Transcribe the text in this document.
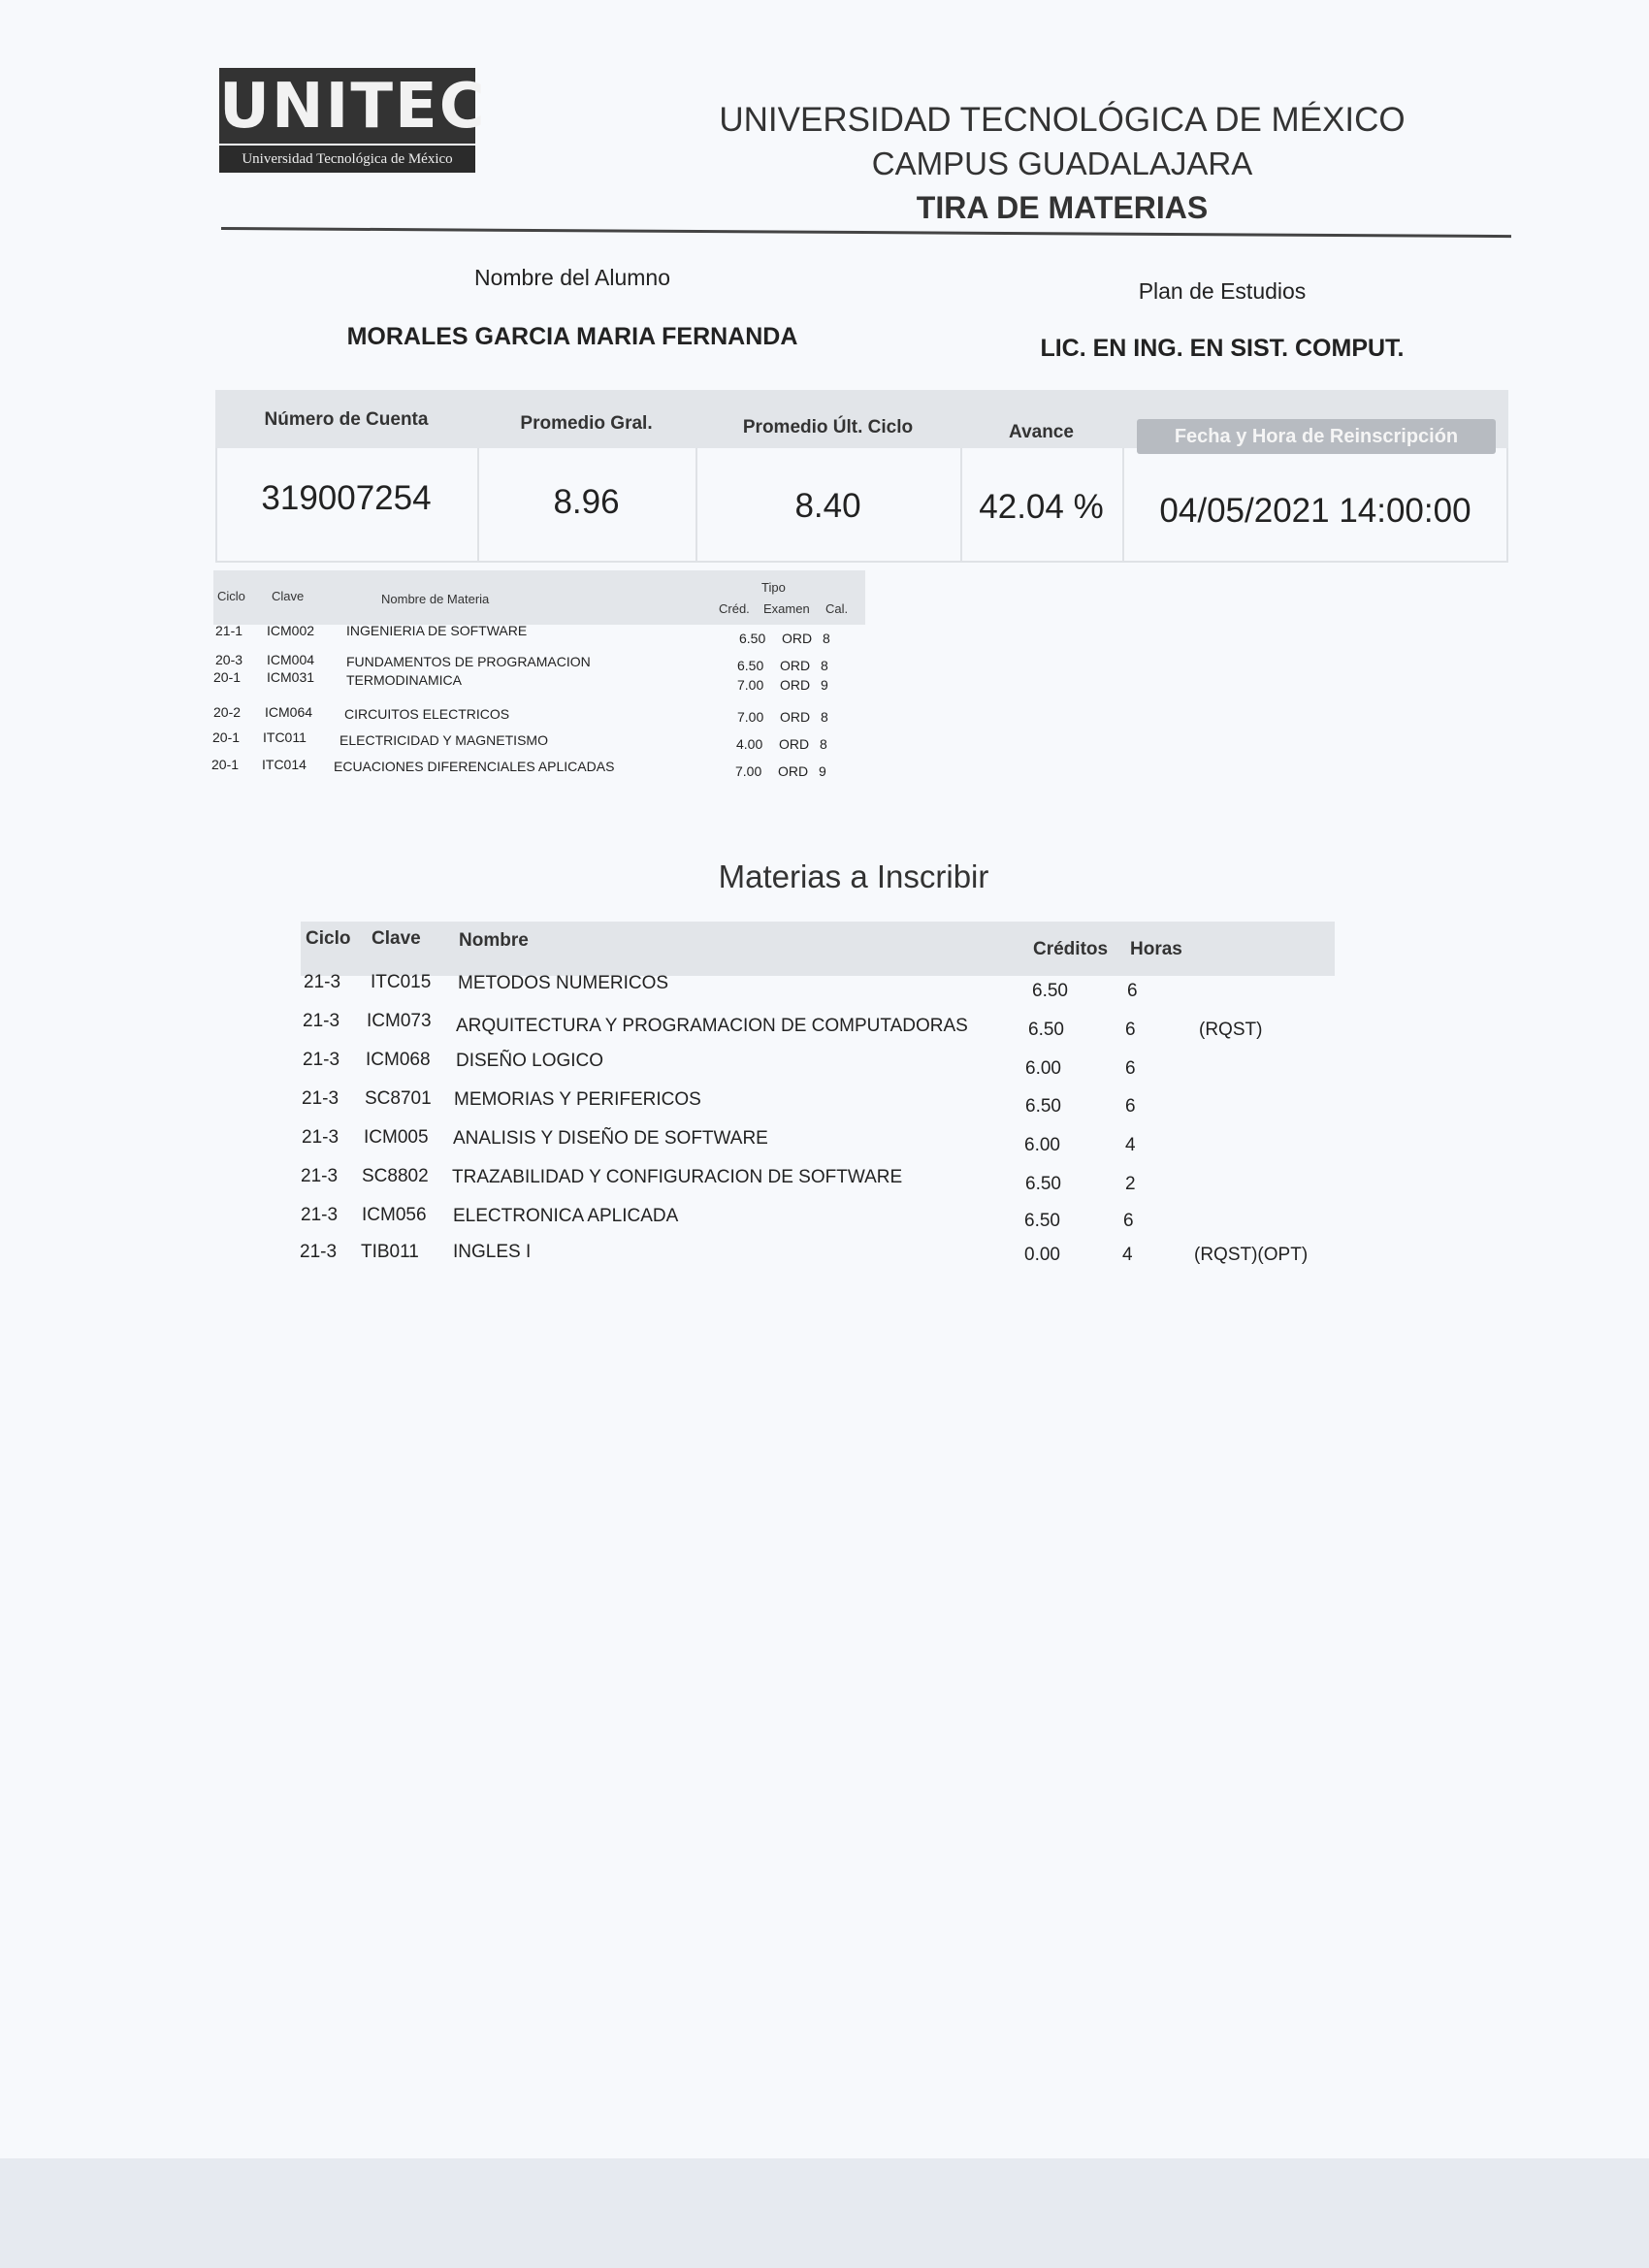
UNITEC
Universidad Tecnológica de México
UNIVERSIDAD TECNOLÓGICA DE MÉXICO
CAMPUS GUADALAJARA
TIRA DE MATERIAS
Nombre del Alumno
Plan de Estudios
MORALES GARCIA MARIA FERNANDA	LIC. EN ING. EN SIST. COMPUT.
Número de Cuenta	Promedio Gral.	Promedio Últ. Ciclo	Avance	Fecha y Hora de Reinscripción
319007254	8.96	8.40	42.04 %	04/05/2021 14:00:00
Ciclo Clave	Nombre de Materia
Tipo
Créd. Examen Cal.
21-1 ICM002 INGENIERIA DE SOFTWARE	6.50 ORD 8
20-3 ICM004 FUNDAMENTOS DE PROGRAMACION	6.50 ORD 8
20-1 ICM031 TERMODINAMICA	7.00 ORD 9
20-2 ICM064 CIRCUITOS ELECTRICOS	7.00 ORD 8
20-1 ITC011 ELECTRICIDAD Y MAGNETISMO	4.00 ORD 8
20-1 ITC014 ECUACIONES DIFERENCIALES APLICADAS	7.00 ORD 9
Materias a Inscribir
Ciclo Clave Nombre	Créditos Horas
21-3 ITC015 METODOS NUMERICOS	6.50	6
21-3 ICM073 ARQUITECTURA Y PROGRAMACION DE COMPUTADORAS	6.50	6	(RQST)
21-3 ICM068 DISEÑO LOGICO	6.00	6
21-3 SC8701 MEMORIAS Y PERIFERICOS	6.50	6
21-3 ICM005 ANALISIS Y DISEÑO DE SOFTWARE	6.00	4
21-3 SC8802 TRAZABILIDAD Y CONFIGURACION DE SOFTWARE	6.50	2
21-3 ICM056 ELECTRONICA APLICADA	6.50	6
21-3 TIB011 INGLES I	0.00	4	(RQST)(OPT)
